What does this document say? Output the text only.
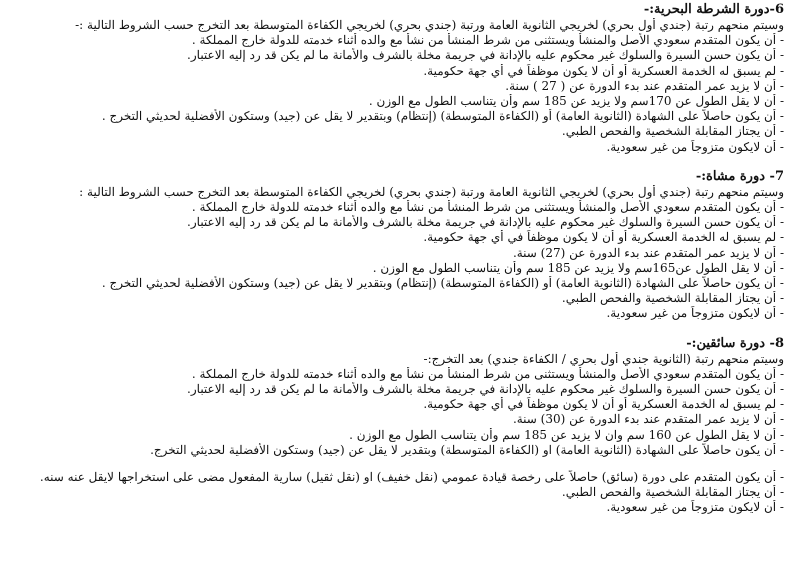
6-دورة الشرطة البحرية:-

وسيتم منحهم رتبة (جندي أول بحري) لخريجي الثانوية العامة ورتبة (جندي بحري) لخريجي الكفاءة المتوسطة بعد التخرج حسب الشروط التالية :-

- أن يكون المتقدم سعودي الأصل والمنشأ ويستثنى من شرط المنشأ من نشأ مع والده أثناء خدمته للدولة خارج المملكة .

- أن يكون حسن السيرة والسلوك غير محكوم عليه بالإدانة في جريمة مخلة بالشرف والأمانة ما لم يكن قد رد إليه الاعتبار.

- لم يسبق له الخدمة العسكرية أو أن لا يكون موظفاً في أي جهة حكومية.

- أن لا يزيد عمر المتقدم عند بدء الدورة عن ( 27 ) سنة.

- أن لا يقل الطول عن 170سم ولا يزيد عن 185 سم وأن يتناسب الطول مع الوزن .

- أن يكون حاصلاً على الشهادة (الثانوية العامة) أو (الكفاءة المتوسطة) (إنتظام) وبتقدير لا يقل عن (جيد) وستكون الأفضلية لحديثي التخرج .

- أن يجتاز المقابلة الشخصية والفحص الطبي.

- أن لايكون متزوجاً من غير سعودية.

7- دورة مشاة:-

وسيتم منحهم رتبة (جندي أول بحري) لخريجي الثانوية العامة ورتبة (جندي بحري) لخريجي الكفاءة المتوسطة بعد التخرج حسب الشروط التالية :

- أن يكون المتقدم سعودي الأصل والمنشأ ويستثنى من شرط المنشأ من نشأ مع والده أثناء خدمته للدولة خارج المملكة .

- أن يكون حسن السيرة والسلوك غير محكوم عليه بالإدانة في جريمة مخلة بالشرف والأمانة ما لم يكن قد رد إليه الاعتبار.

- لم يسبق له الخدمة العسكرية أو أن لا يكون موظفاً في أي جهة حكومية.

- أن لا يزيد عمر المتقدم عند بدء الدورة عن (27) سنة.

- أن لا يقل الطول عن165سم ولا يزيد عن 185 سم وأن يتناسب الطول مع الوزن .

- أن يكون حاصلاً على الشهادة (الثانوية العامة) أو (الكفاءة المتوسطة) (إنتظام) وبتقدير لا يقل عن (جيد) وستكون الأفضلية لحديثي التخرج .

- أن يجتاز المقابلة الشخصية والفحص الطبي.

- أن لايكون متزوجاً من غير سعودية.

8- دورة سائقين:-

وسيتم منحهم رتبة (الثانوية جندي أول بحري / الكفاءة جندي) بعد التخرج:-

- أن يكون المتقدم سعودي الأصل والمنشأ ويستثنى من شرط المنشأ من نشأ مع والده أثناء خدمته للدولة خارج المملكة .

- أن يكون حسن السيرة والسلوك غير محكوم عليه بالإدانة في جريمة مخلة بالشرف والأمانة ما لم يكن قد رد إليه الاعتبار.

- لم يسبق له الخدمة العسكرية أو أن لا يكون موظفاً في أي جهة حكومية.

- أن لا يزيد عمر المتقدم عند بدء الدورة عن (30) سنة.

- أن لا يقل الطول عن 160 سم وان لا يزيد عن 185 سم وأن يتناسب الطول مع الوزن .

- أن يكون حاصلاً على الشهادة (الثانوية العامة) او (الكفاءة المتوسطة) وبتقدير لا يقل عن (جيد) وستكون الأفضلية لحديثي التخرج.

- أن يكون المتقدم على دورة (سائق) حاصلاً على رخصة قيادة عمومي (نقل خفيف) او (نقل ثقيل) سارية المفعول مضى على استخراجها لايقل عنه سنه.

- أن يجتاز المقابلة الشخصية والفحص الطبي.

- أن لايكون متزوجاً من غير سعودية.
